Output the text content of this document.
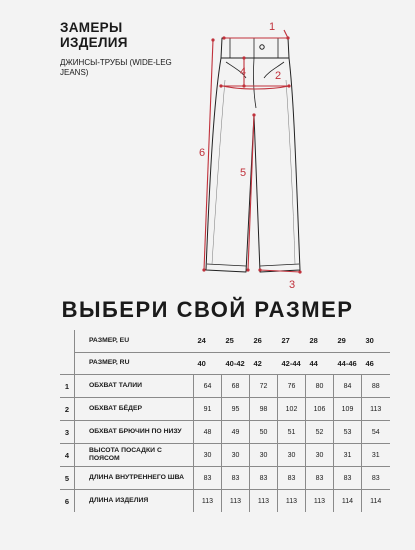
ЗАМЕРЫ ИЗДЕЛИЯ
ДЖИНСЫ-ТРУБЫ (WIDE-LEG JEANS)
1
2
3
4
5
6
ВЫБЕРИ СВОЙ РАЗМЕР
	РАЗМЕР, EU	24	25	26	27	28	29	30
	РАЗМЕР, RU	40	40-42	42	42-44	44	44-46	46
1	ОБХВАТ ТАЛИИ	64	68	72	76	80	84	88
2	ОБХВАТ БЁДЕР	91	95	98	102	106	109	113
3	ОБХВАТ БРЮЧИН ПО НИЗУ	48	49	50	51	52	53	54
4	ВЫСОТА ПОСАДКИ С ПОЯСОМ	30	30	30	30	30	31	31
5	ДЛИНА ВНУТРЕННЕГО ШВА	83	83	83	83	83	83	83
6	ДЛИНА ИЗДЕЛИЯ	113	113	113	113	113	114	114
